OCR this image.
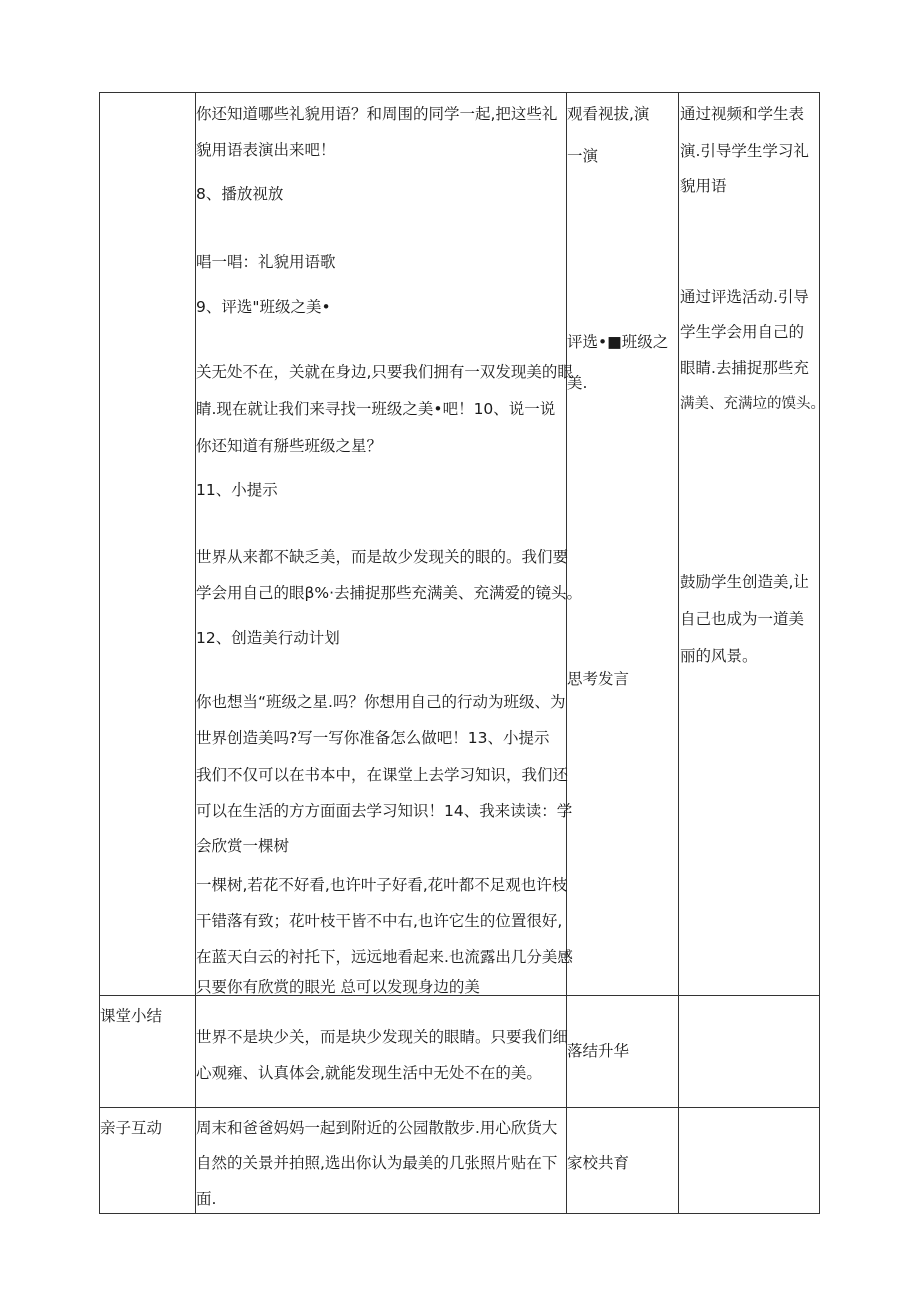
你还知道哪些礼貌用语？和周围的同学一起,把这些礼
貌用语表演出来吧！
8、播放视放
唱一唱：礼貌用语歌
9、评选"班级之美•
关无处不在，关就在身边,只要我们拥有一双发现美的眼
睛.现在就让我们来寻找一班级之美•吧！10、说一说
你还知道有掰些班级之星？
11、小提示
世界从来都不缺乏美，而是故少发现关的眼的。我们要
学会用自己的眼β%·去捕捉那些充满美、充满爱的镜头。
12、创造美行动计划
你也想当“班级之星.吗？你想用自己的行动为班级、为
世界创造美吗?写一写你准备怎么做吧！13、小提示
我们不仅可以在书本中，在课堂上去学习知识，我们还
可以在生活的方方面面去学习知识！14、我来读读：学
会欣赏一棵树
一棵树,若花不好看,也许叶子好看,花叶都不足观也许枝
干错落有致；花叶枝干皆不中右,也许它生的位置很好,
在蓝天白云的衬托下，远远地看起来.也流露出几分美感
只要你有欣赏的眼光 总可以发现身边的美
观看视拔,演
一演
评选•■班级之
美.
思考发言
通过视频和学生表
演.引导学生学习礼
貌用语
通过评选活动.引导
学生学会用自己的
眼睛.去捕捉那些充
满美、充满垃的馍头。
鼓励学生创造美,让
自己也成为一道美
丽的风景。
课堂小结
世界不是块少关，而是块少发现关的眼睛。只要我们细
心观雍、认真体会,就能发现生活中无处不在的美。
落结升华
亲子互动 周末和爸爸妈妈一起到附近的公园散散步.用心欣货大
自然的关景并拍照,选出你认为最美的几张照片贴在下
面.
家校共育
